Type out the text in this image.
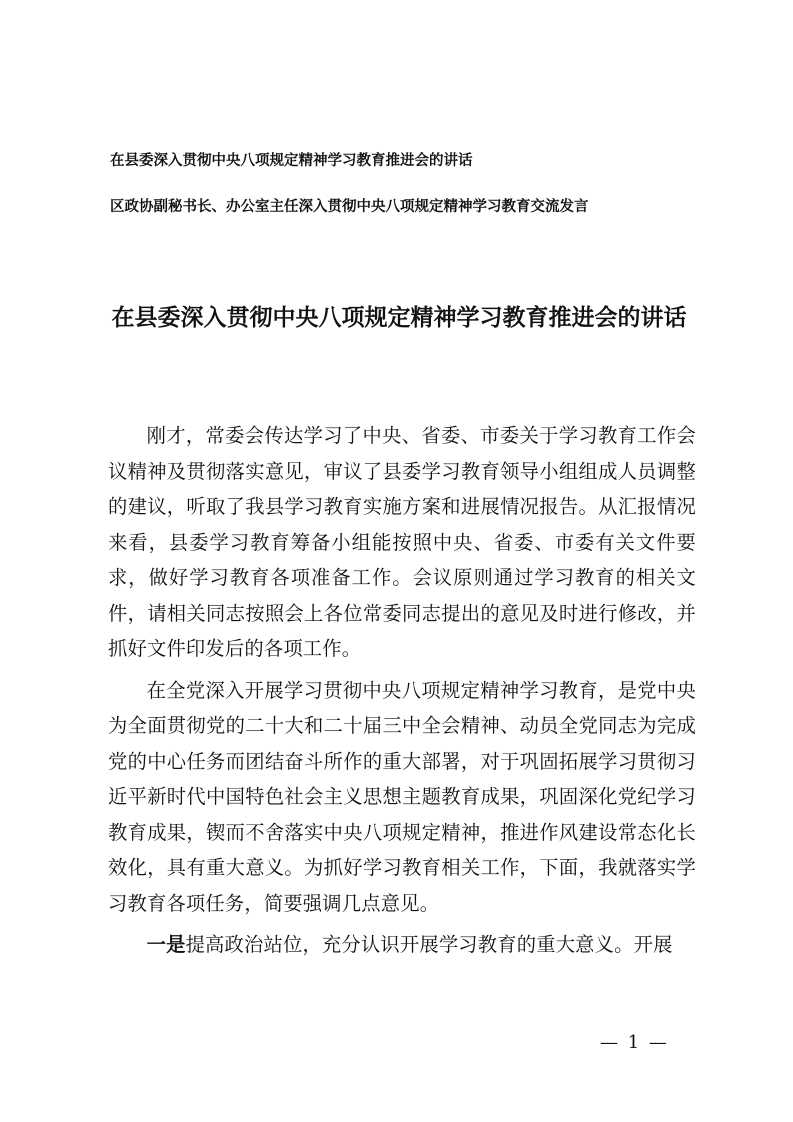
在县委深入贯彻中央八项规定精神学习教育推进会的讲话

区政协副秘书长、办公室主任深入贯彻中央八项规定精神学习教育交流发言

在县委深入贯彻中央八项规定精神学习教育推进会的讲话

刚才，常委会传达学习了中央、省委、市委关于学习教育工作会议精神及贯彻落实意见，审议了县委学习教育领导小组组成人员调整的建议，听取了我县学习教育实施方案和进展情况报告。从汇报情况来看，县委学习教育筹备小组能按照中央、省委、市委有关文件要求，做好学习教育各项准备工作。会议原则通过学习教育的相关文件，请相关同志按照会上各位常委同志提出的意见及时进行修改，并抓好文件印发后的各项工作。

在全党深入开展学习贯彻中央八项规定精神学习教育，是党中央为全面贯彻党的二十大和二十届三中全会精神、动员全党同志为完成党的中心任务而团结奋斗所作的重大部署，对于巩固拓展学习贯彻习近平新时代中国特色社会主义思想主题教育成果，巩固深化党纪学习教育成果，锲而不舍落实中央八项规定精神，推进作风建设常态化长效化，具有重大意义。为抓好学习教育相关工作，下面，我就落实学习教育各项任务，简要强调几点意见。

一是提高政治站位，充分认识开展学习教育的重大意义。开展

— 1 —
